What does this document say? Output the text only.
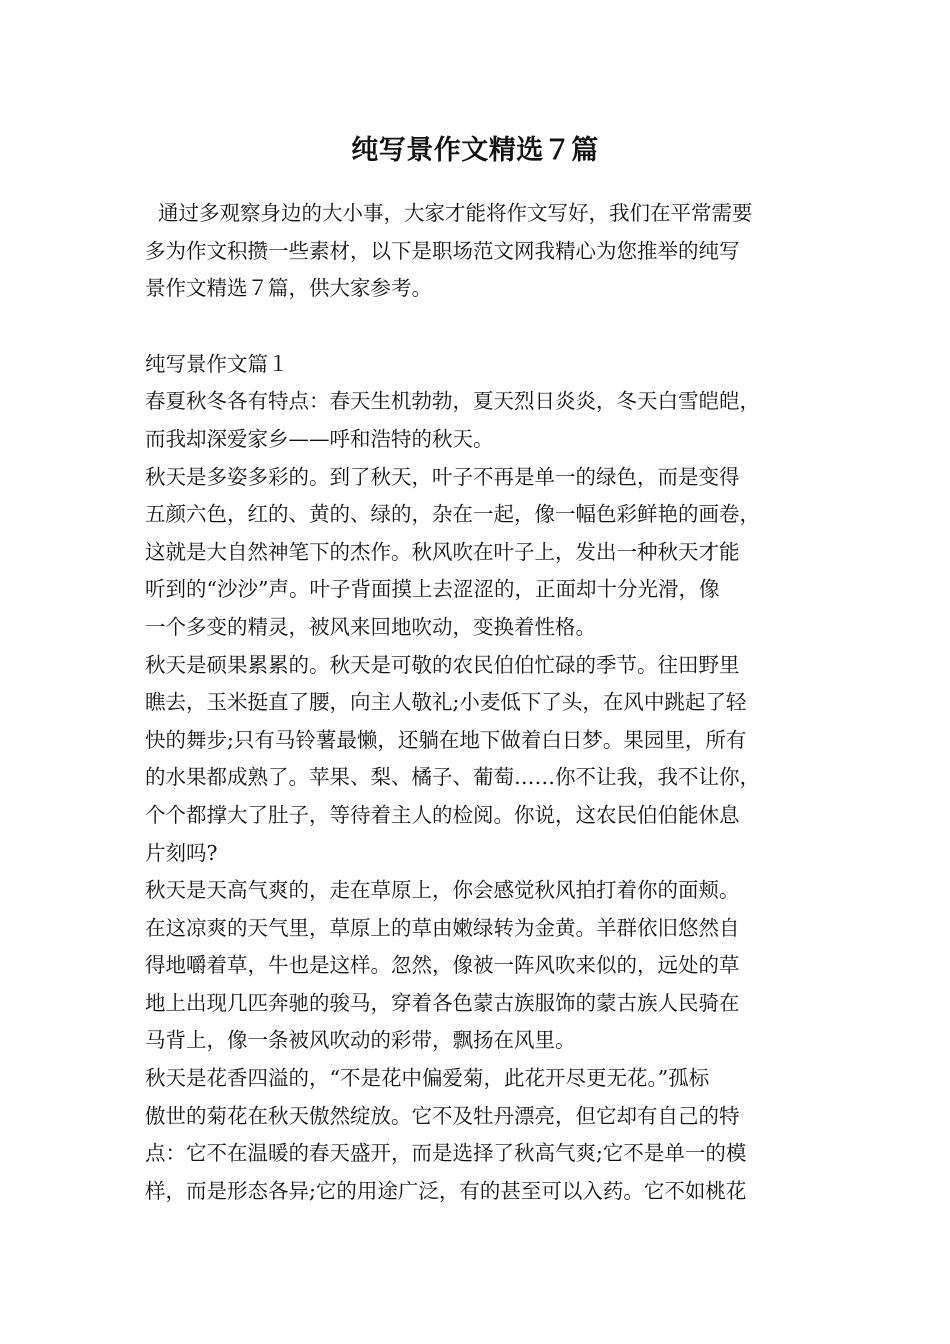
纯写景作文精选７篇
通过多观察身边的大小事，大家才能将作文写好，我们在平常需要
多为作文积攒一些素材，以下是职场范文网我精心为您推举的纯写
景作文精选７篇，供大家参考。
纯写景作文篇１
春夏秋冬各有特点：春天生机勃勃，夏天烈日炎炎，冬天白雪皑皑，
而我却深爱家乡——呼和浩特的秋天。
秋天是多姿多彩的。到了秋天，叶子不再是单一的绿色，而是变得
五颜六色，红的、黄的、绿的，杂在一起，像一幅色彩鲜艳的画卷，
这就是大自然神笔下的杰作。秋风吹在叶子上，发出一种秋天才能
听到的“沙沙”声。叶子背面摸上去涩涩的，正面却十分光滑，像
一个多变的精灵，被风来回地吹动，变换着性格。
秋天是硕果累累的。秋天是可敬的农民伯伯忙碌的季节。往田野里
瞧去，玉米挺直了腰，向主人敬礼;小麦低下了头，在风中跳起了轻
快的舞步;只有马铃薯最懒，还躺在地下做着白日梦。果园里，所有
的水果都成熟了。苹果、梨、橘子、葡萄……你不让我，我不让你，
个个都撑大了肚子，等待着主人的检阅。你说，这农民伯伯能休息
片刻吗?
秋天是天高气爽的，走在草原上，你会感觉秋风拍打着你的面颊。
在这凉爽的天气里，草原上的草由嫩绿转为金黄。羊群依旧悠然自
得地嚼着草，牛也是这样。忽然，像被一阵风吹来似的，远处的草
地上出现几匹奔驰的骏马，穿着各色蒙古族服饰的蒙古族人民骑在
马背上，像一条被风吹动的彩带，飘扬在风里。
秋天是花香四溢的，“不是花中偏爱菊，此花开尽更无花。”孤标
傲世的菊花在秋天傲然绽放。它不及牡丹漂亮，但它却有自己的特
点：它不在温暖的春天盛开，而是选择了秋高气爽;它不是单一的模
样，而是形态各异;它的用途广泛，有的甚至可以入药。它不如桃花
